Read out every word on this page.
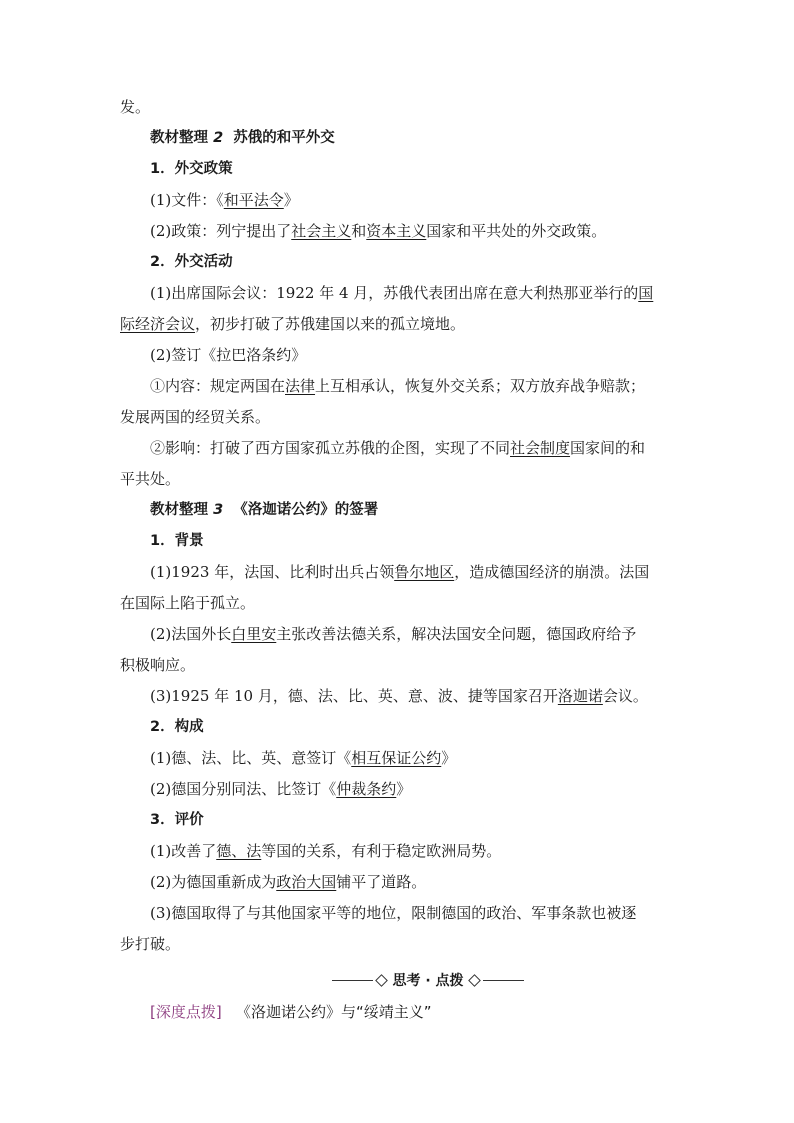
发。
教材整理 2 苏俄的和平外交
1．外交政策
(1)文件：《和平法令》
(2)政策：列宁提出了社会主义和资本主义国家和平共处的外交政策。
2．外交活动
(1)出席国际会议：1922 年 4 月，苏俄代表团出席在意大利热那亚举行的国
际经济会议，初步打破了苏俄建国以来的孤立境地。
(2)签订《拉巴洛条约》
①内容：规定两国在法律上互相承认，恢复外交关系；双方放弃战争赔款；
发展两国的经贸关系。
②影响：打破了西方国家孤立苏俄的企图，实现了不同社会制度国家间的和
平共处。
教材整理 3 《洛迦诺公约》的签署
1．背景
(1)1923 年，法国、比利时出兵占领鲁尔地区，造成德国经济的崩溃。法国
在国际上陷于孤立。
(2)法国外长白里安主张改善法德关系，解决法国安全问题，德国政府给予
积极响应。
(3)1925 年 10 月，德、法、比、英、意、波、捷等国家召开洛迦诺会议。
2．构成
(1)德、法、比、英、意签订《相互保证公约》
(2)德国分别同法、比签订《仲裁条约》
3．评价
(1)改善了德、法等国的关系，有利于稳定欧洲局势。
(2)为德国重新成为政治大国铺平了道路。
(3)德国取得了与其他国家平等的地位，限制德国的政治、军事条款也被逐
步打破。
思考 · 点拨
[深度点拨] 《洛迦诺公约》与“绥靖主义”
